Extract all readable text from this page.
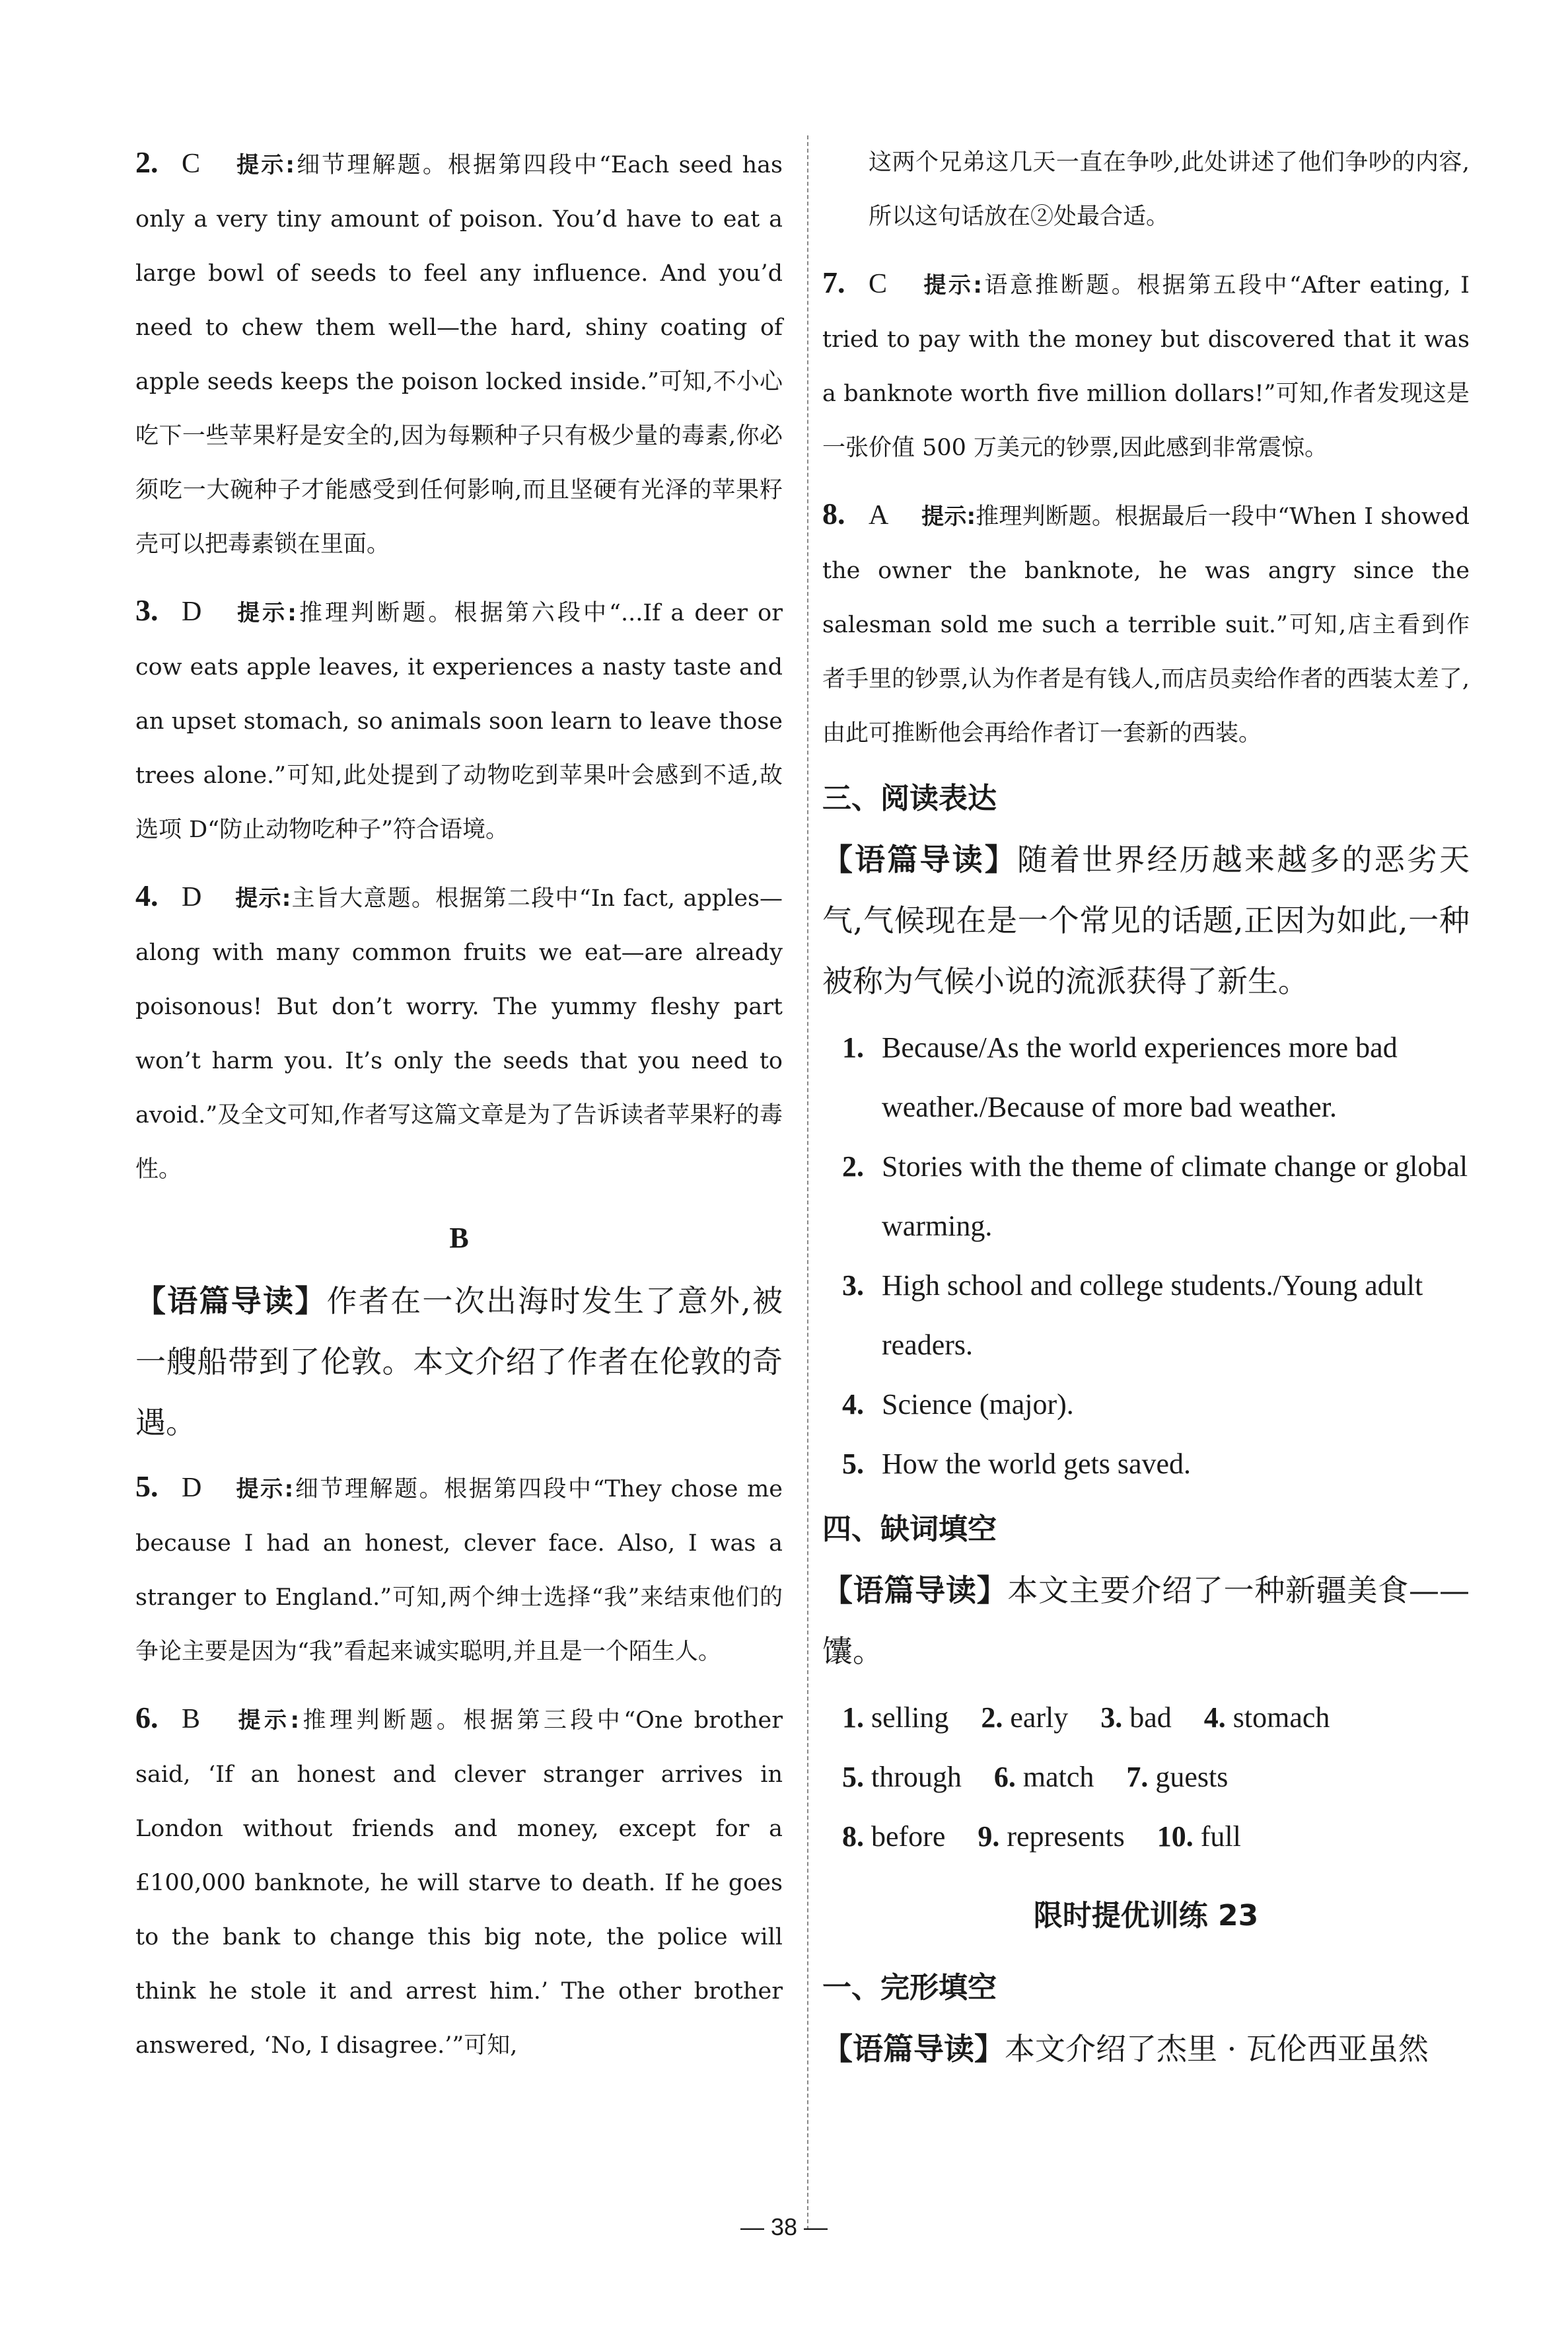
2. C 提示:细节理解题。根据第四段中“Each seed has only a very tiny amount of poison. You’d have to eat a large bowl of seeds to feel any influence. And you’d need to chew them well—the hard, shiny coating of apple seeds keeps the poison locked inside.”可知,不小心吃下一些苹果籽是安全的,因为每颗种子只有极少量的毒素,你必须吃一大碗种子才能感受到任何影响,而且坚硬有光泽的苹果籽壳可以把毒素锁在里面。
3. D 提示:推理判断题。根据第六段中“...If a deer or cow eats apple leaves, it experiences a nasty taste and an upset stomach, so animals soon learn to leave those trees alone.”可知,此处提到了动物吃到苹果叶会感到不适,故选项 D“防止动物吃种子”符合语境。
4. D 提示:主旨大意题。根据第二段中“In fact, apples—along with many common fruits we eat—are already poisonous! But don’t worry. The yummy fleshy part won’t harm you. It’s only the seeds that you need to avoid.”及全文可知,作者写这篇文章是为了告诉读者苹果籽的毒性。
B
【语篇导读】作者在一次出海时发生了意外,被一艘船带到了伦敦。本文介绍了作者在伦敦的奇遇。
5. D 提示:细节理解题。根据第四段中“They chose me because I had an honest, clever face. Also, I was a stranger to England.”可知,两个绅士选择“我”来结束他们的争论主要是因为“我”看起来诚实聪明,并且是一个陌生人。
6. B 提示:推理判断题。根据第三段中“One brother said, ‘If an honest and clever stranger arrives in London without friends and money, except for a £100,000 banknote, he will starve to death. If he goes to the bank to change this big note, the police will think he stole it and arrest him.’ The other brother answered, ‘No, I disagree.’”可知,
这两个兄弟这几天一直在争吵,此处讲述了他们争吵的内容,所以这句话放在②处最合适。
7. C 提示:语意推断题。根据第五段中“After eating, I tried to pay with the money but discovered that it was a banknote worth five million dollars!”可知,作者发现这是一张价值 500 万美元的钞票,因此感到非常震惊。
8. A 提示:推理判断题。根据最后一段中“When I showed the owner the banknote, he was angry since the salesman sold me such a terrible suit.”可知,店主看到作者手里的钞票,认为作者是有钱人,而店员卖给作者的西装太差了,由此可推断他会再给作者订一套新的西装。
三、阅读表达
【语篇导读】随着世界经历越来越多的恶劣天气,气候现在是一个常见的话题,正因为如此,一种被称为气候小说的流派获得了新生。
1. Because/As the world experiences more bad weather./Because of more bad weather.
2. Stories with the theme of climate change or global warming.
3. High school and college students./Young adult readers.
4. Science (major).
5. How the world gets saved.
四、缺词填空
【语篇导读】本文主要介绍了一种新疆美食——馕。
1. selling 2. early 3. bad 4. stomach
5. through 6. match 7. guests
8. before 9. represents 10. full
限时提优训练 23
一、完形填空
【语篇导读】本文介绍了杰里 · 瓦伦西亚虽然
— 38 —
